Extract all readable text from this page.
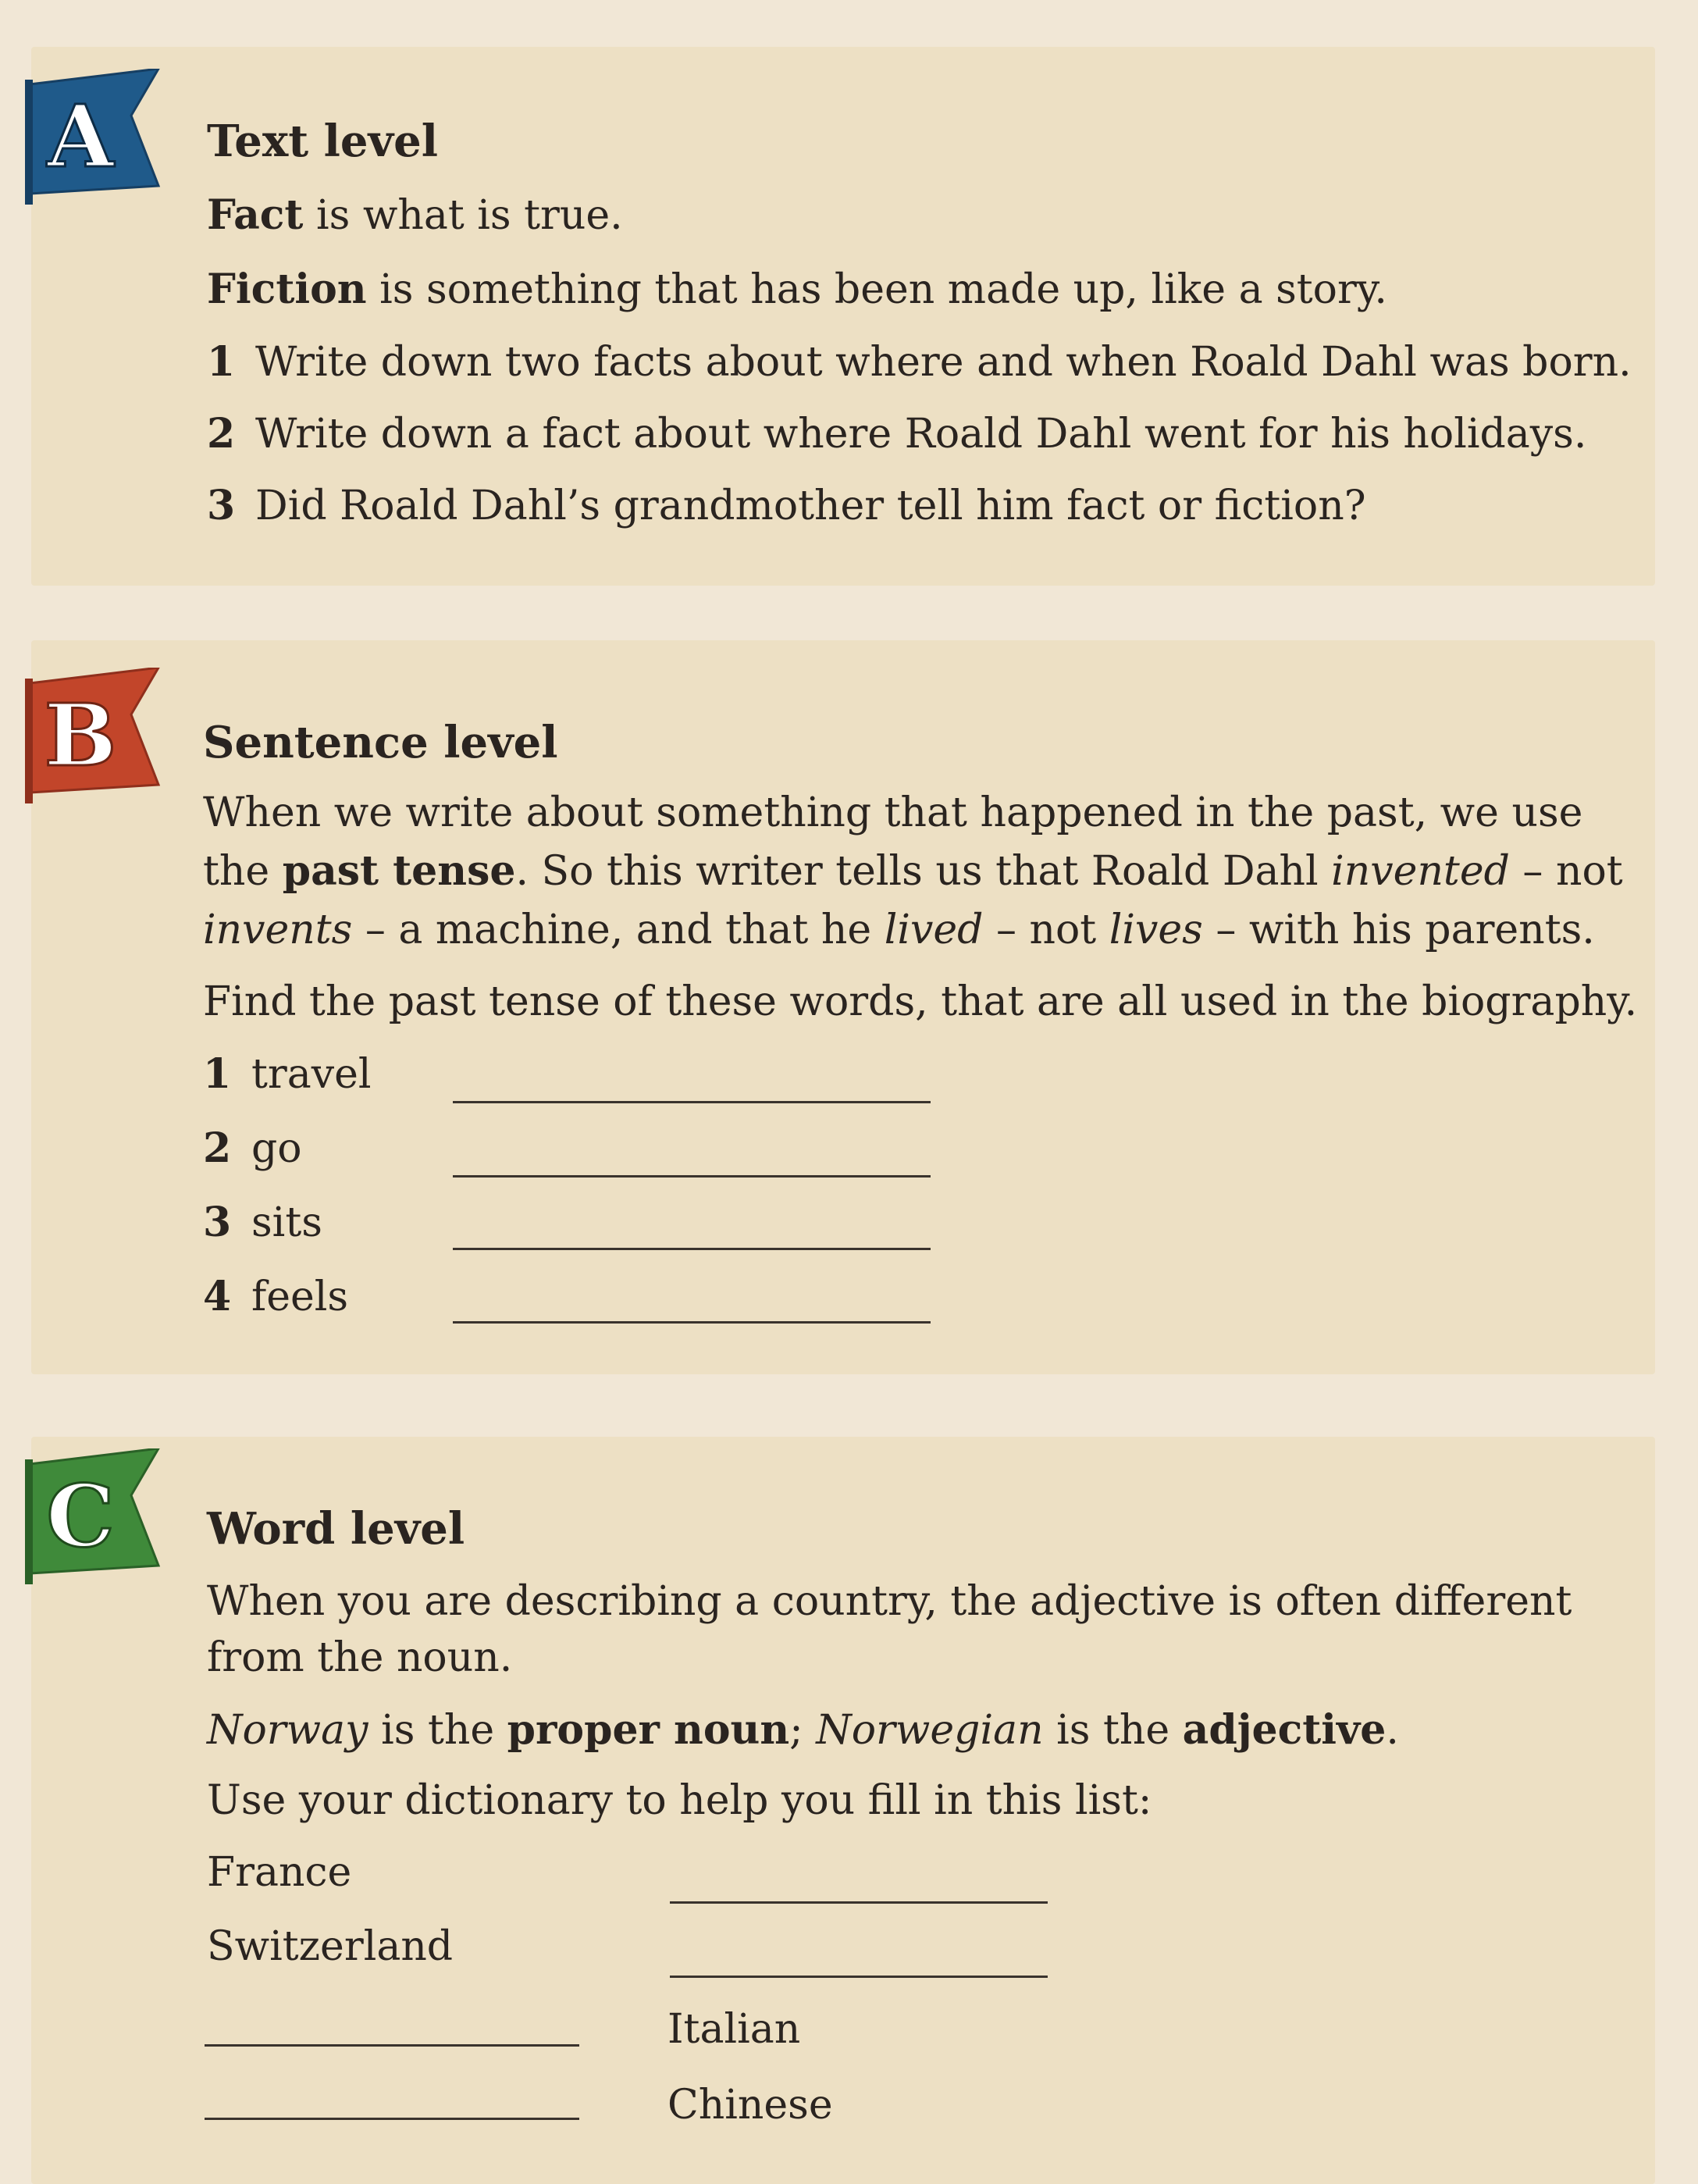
A Text level

Fact is what is true.

Fiction is something that has been made up, like a story.

1 Write down two facts about where and when Roald Dahl was born.

2 Write down a fact about where Roald Dahl went for his holidays.

3 Did Roald Dahl’s grandmother tell him fact or fiction?

B Sentence level

When we write about something that happened in the past, we use

the past tense. So this writer tells us that Roald Dahl invented – not

invents – a machine, and that he lived – not lives – with his parents.

Find the past tense of these words, that are all used in the biography.

1 travel

2 go

3 sits

4 feels

C Word level

When you are describing a country, the adjective is often different

from the noun.

Norway is the proper noun; Norwegian is the adjective.

Use your dictionary to help you fill in this list:

France

Switzerland

Italian

Chinese
